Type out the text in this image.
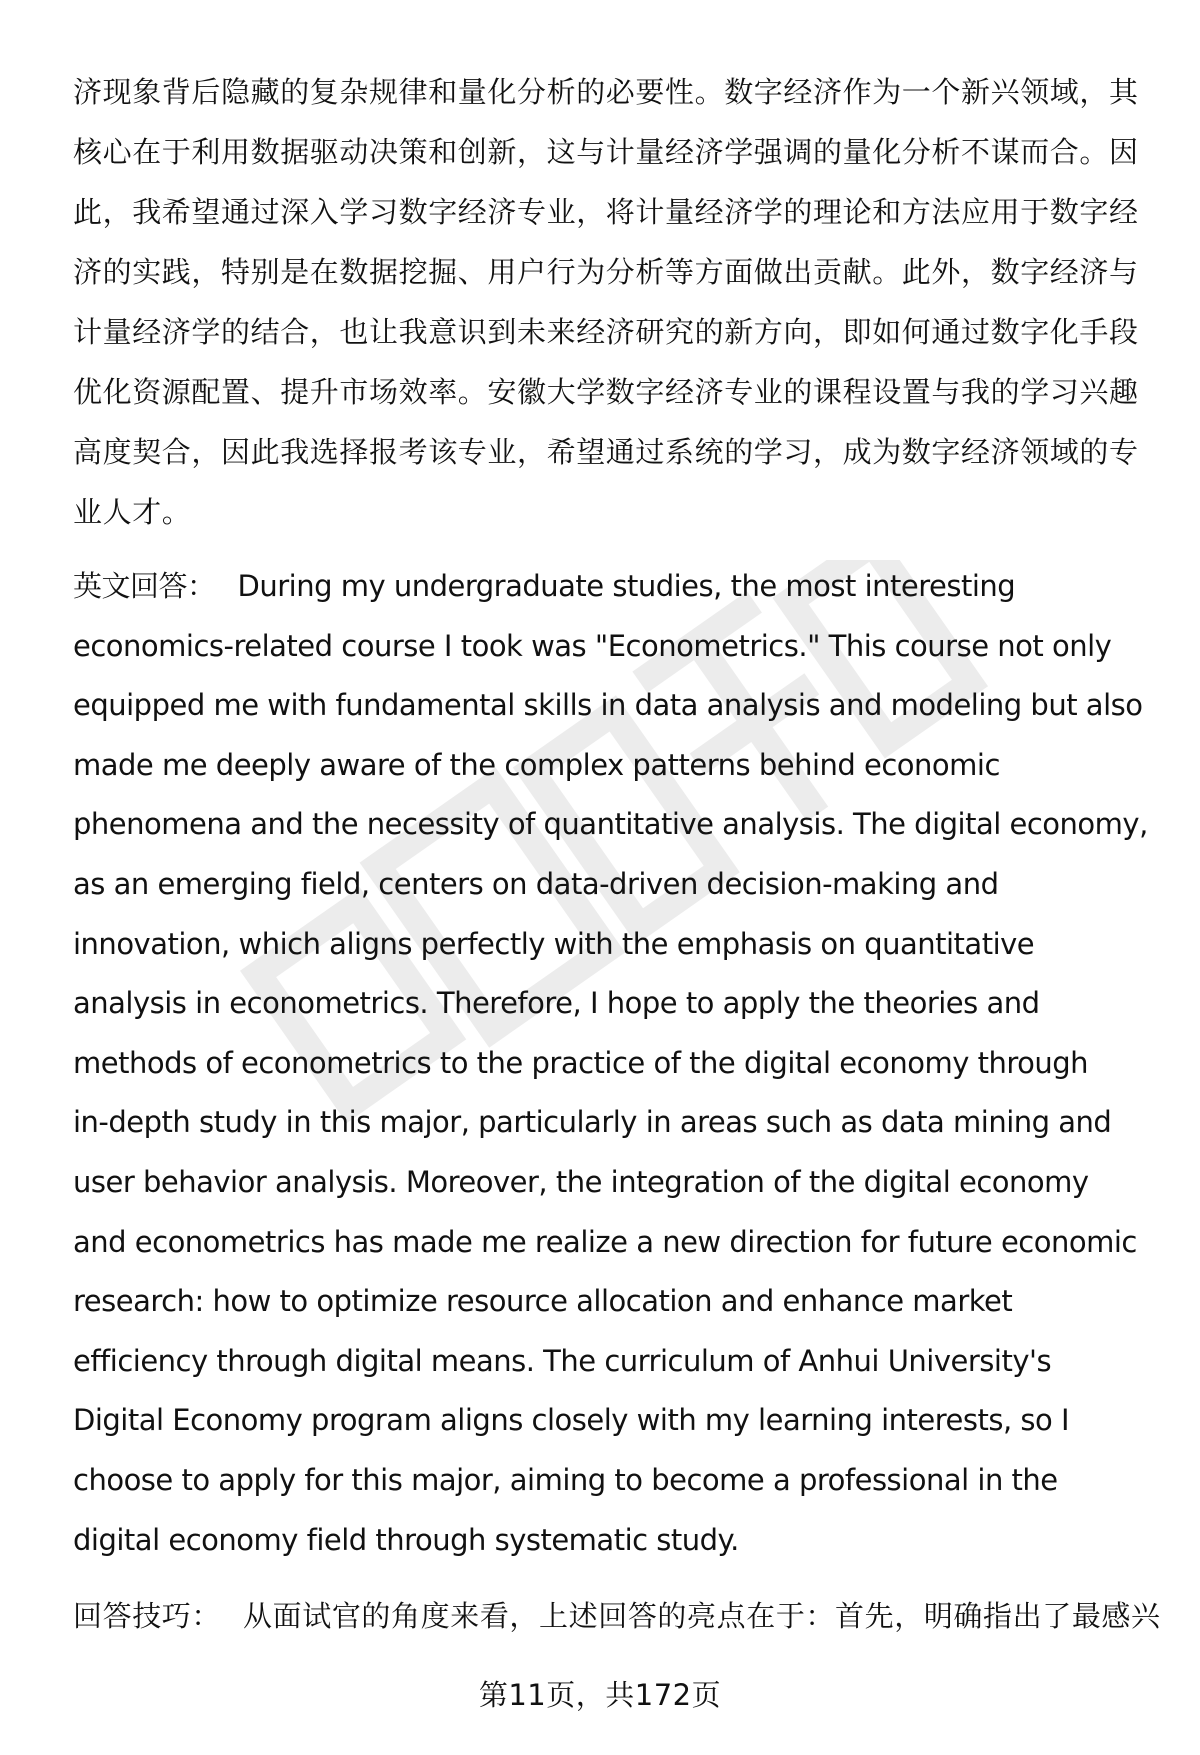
济现象背后隐藏的复杂规律和量化分析的必要性。数字经济作为一个新兴领域，其
核心在于利用数据驱动决策和创新，这与计量经济学强调的量化分析不谋而合。因
此，我希望通过深入学习数字经济专业，将计量经济学的理论和方法应用于数字经
济的实践，特别是在数据挖掘、用户行为分析等方面做出贡献。此外，数字经济与
计量经济学的结合，也让我意识到未来经济研究的新方向，即如何通过数字化手段
优化资源配置、提升市场效率。安徽大学数字经济专业的课程设置与我的学习兴趣
高度契合，因此我选择报考该专业，希望通过系统的学习，成为数字经济领域的专
业人才。

英文回答： During my undergraduate studies, the most interesting
economics-related course I took was "Econometrics." This course not only
equipped me with fundamental skills in data analysis and modeling but also
made me deeply aware of the complex patterns behind economic
phenomena and the necessity of quantitative analysis. The digital economy,
as an emerging field, centers on data-driven decision-making and
innovation, which aligns perfectly with the emphasis on quantitative
analysis in econometrics. Therefore, I hope to apply the theories and
methods of econometrics to the practice of the digital economy through
in-depth study in this major, particularly in areas such as data mining and
user behavior analysis. Moreover, the integration of the digital economy
and econometrics has made me realize a new direction for future economic
research: how to optimize resource allocation and enhance market
efficiency through digital means. The curriculum of Anhui University's
Digital Economy program aligns closely with my learning interests, so I
choose to apply for this major, aiming to become a professional in the
digital economy field through systematic study.

回答技巧： 从面试官的角度来看，上述回答的亮点在于：首先，明确指出了最感兴

第11页，共172页
